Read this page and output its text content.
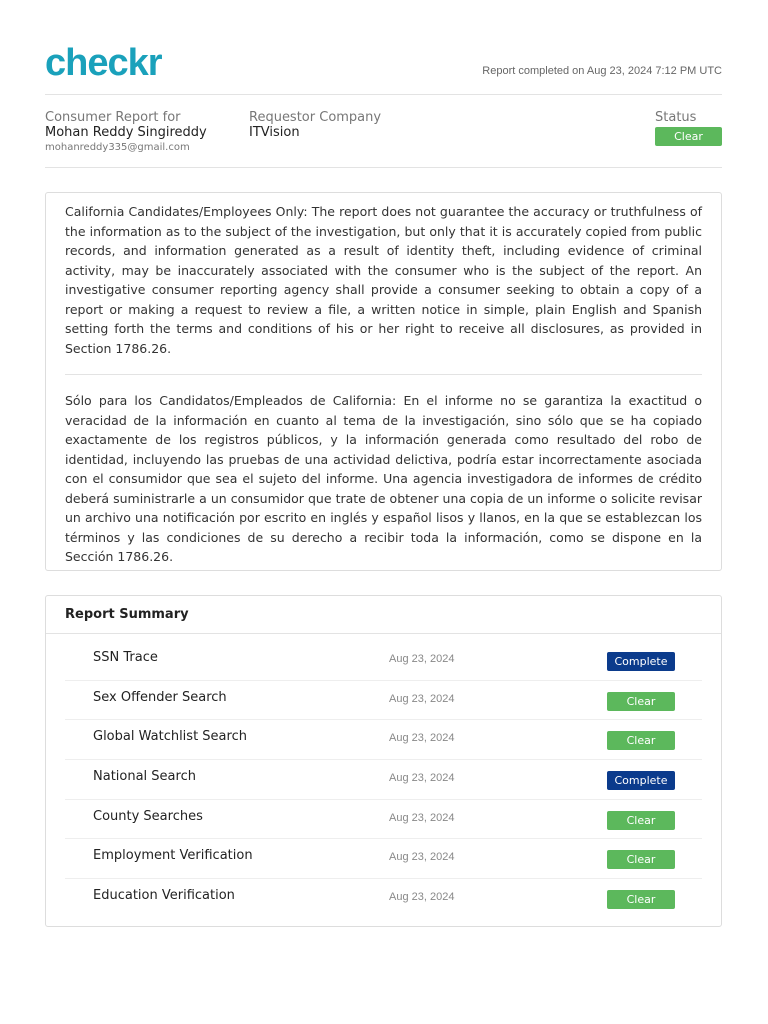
checkr	Report completed on Aug 23, 2024 7:12 PM UTC
Consumer Report for
Mohan Reddy Singireddy
mohanreddy335@gmail.com
Requestor Company
ITVision
Status
Clear

California Candidates/Employees Only: The report does not guarantee the accuracy or truthfulness of the information as to the subject of the investigation, but only that it is accurately copied from public records, and information generated as a result of identity theft, including evidence of criminal activity, may be inaccurately associated with the consumer who is the subject of the report. An investigative consumer reporting agency shall provide a consumer seeking to obtain a copy of a report or making a request to review a file, a written notice in simple, plain English and Spanish setting forth the terms and conditions of his or her right to receive all disclosures, as provided in Section 1786.26.

Sólo para los Candidatos/Empleados de California: En el informe no se garantiza la exactitud o veracidad de la información en cuanto al tema de la investigación, sino sólo que se ha copiado exactamente de los registros públicos, y la información generada como resultado del robo de identidad, incluyendo las pruebas de una actividad delictiva, podría estar incorrectamente asociada con el consumidor que sea el sujeto del informe. Una agencia investigadora de informes de crédito deberá suministrarle a un consumidor que trate de obtener una copia de un informe o solicite revisar un archivo una notificación por escrito en inglés y español lisos y llanos, en la que se establezcan los términos y las condiciones de su derecho a recibir toda la información, como se dispone en la Sección 1786.26.

Report Summary
SSN Trace	Aug 23, 2024	Complete
Sex Offender Search	Aug 23, 2024	Clear
Global Watchlist Search	Aug 23, 2024	Clear
National Search	Aug 23, 2024	Complete
County Searches	Aug 23, 2024	Clear
Employment Verification	Aug 23, 2024	Clear
Education Verification	Aug 23, 2024	Clear
